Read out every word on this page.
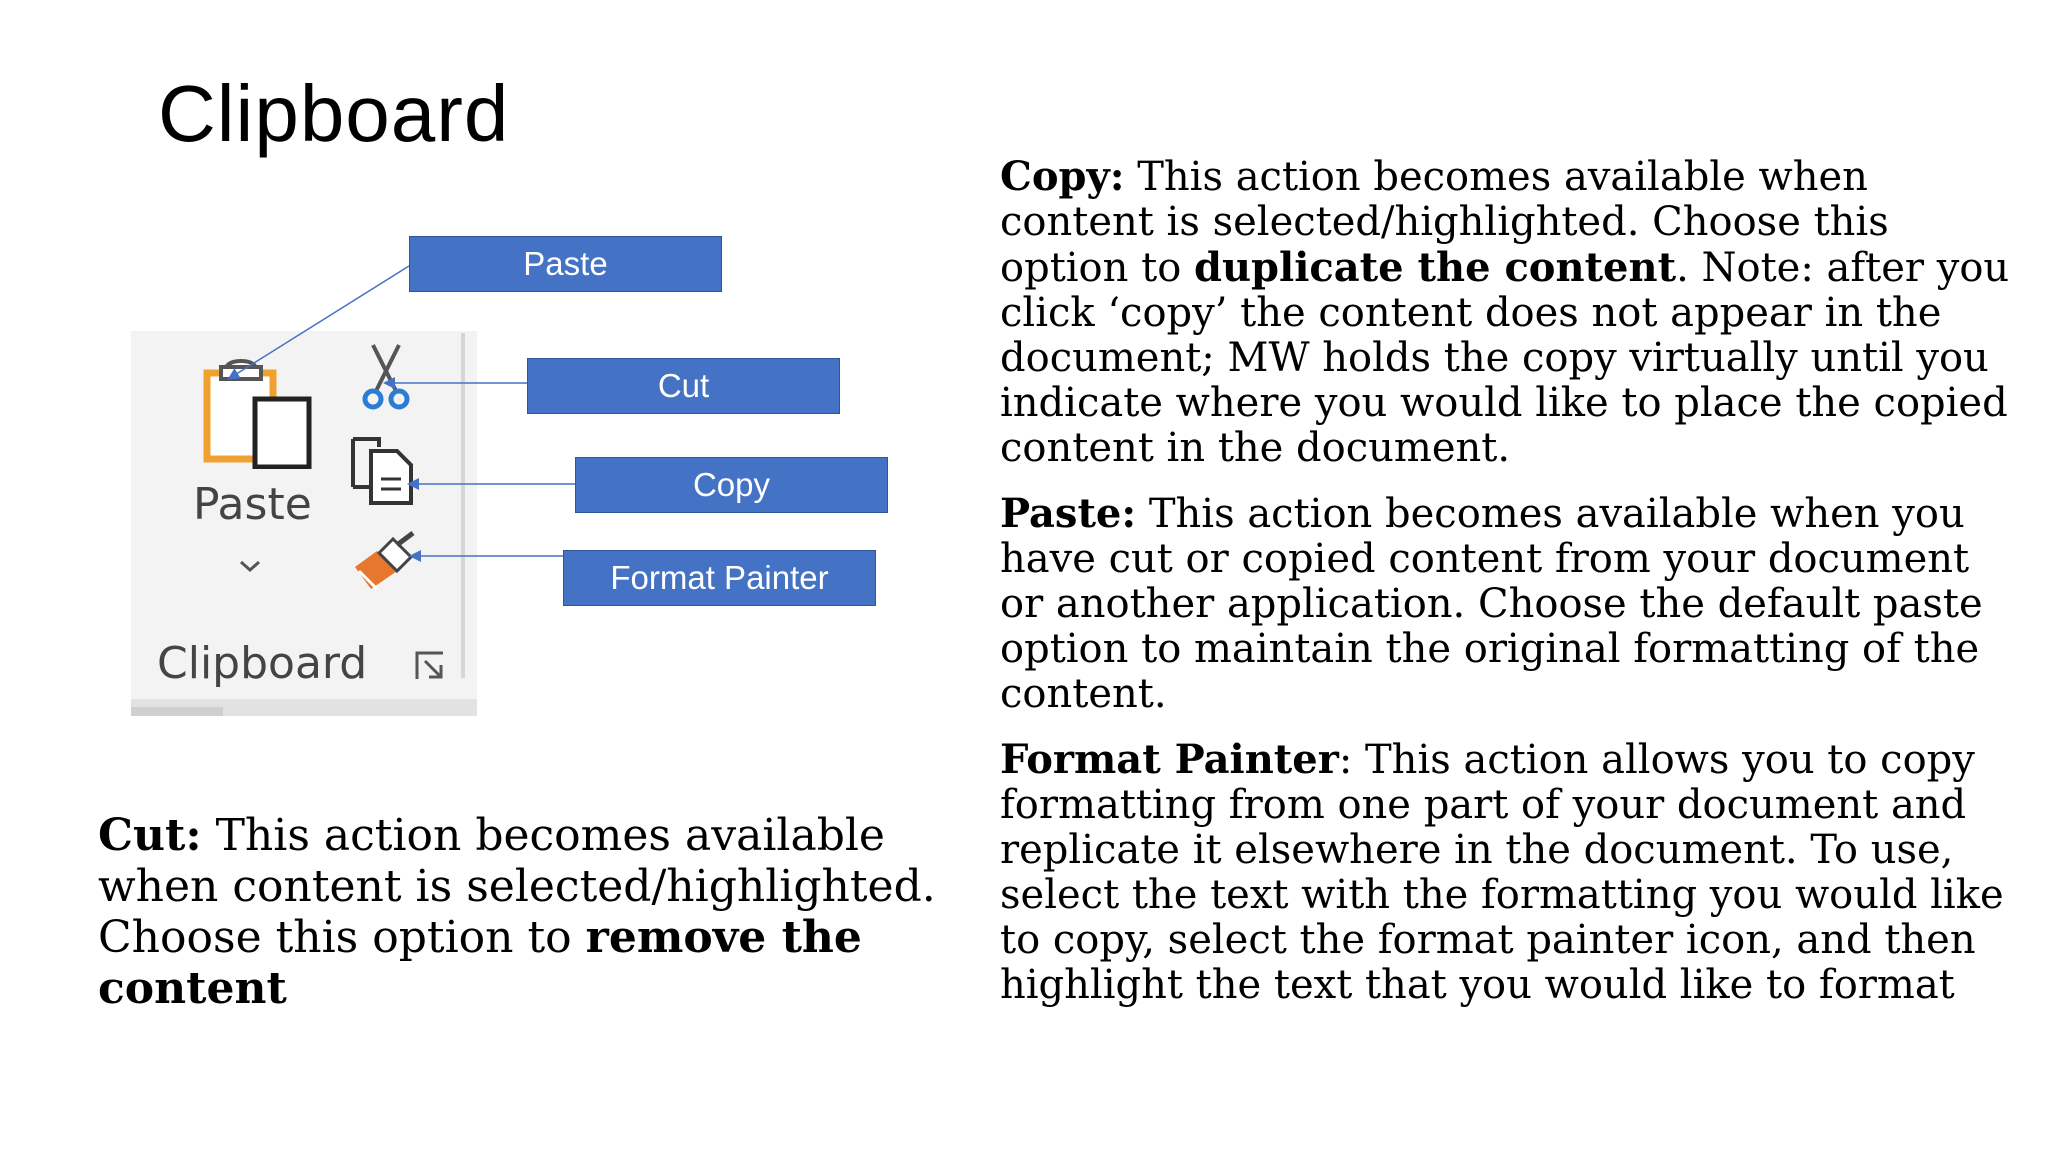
Clipboard
Paste
Clipboard
Paste
Cut
Copy
Format Painter
Cut: This action becomes available when content is selected/highlighted. Choose this option to remove the content

Copy: This action becomes available when content is selected/highlighted. Choose this option to duplicate the content. Note: after you click ‘copy’ the content does not appear in the document; MW holds the copy virtually until you indicate where you would like to place the copied content in the document.

Paste: This action becomes available when you have cut or copied content from your document or another application. Choose the default paste option to maintain the original formatting of the content.

Format Painter: This action allows you to copy formatting from one part of your document and replicate it elsewhere in the document. To use, select the text with the formatting you would like to copy, select the format painter icon, and then highlight the text that you would like to format
